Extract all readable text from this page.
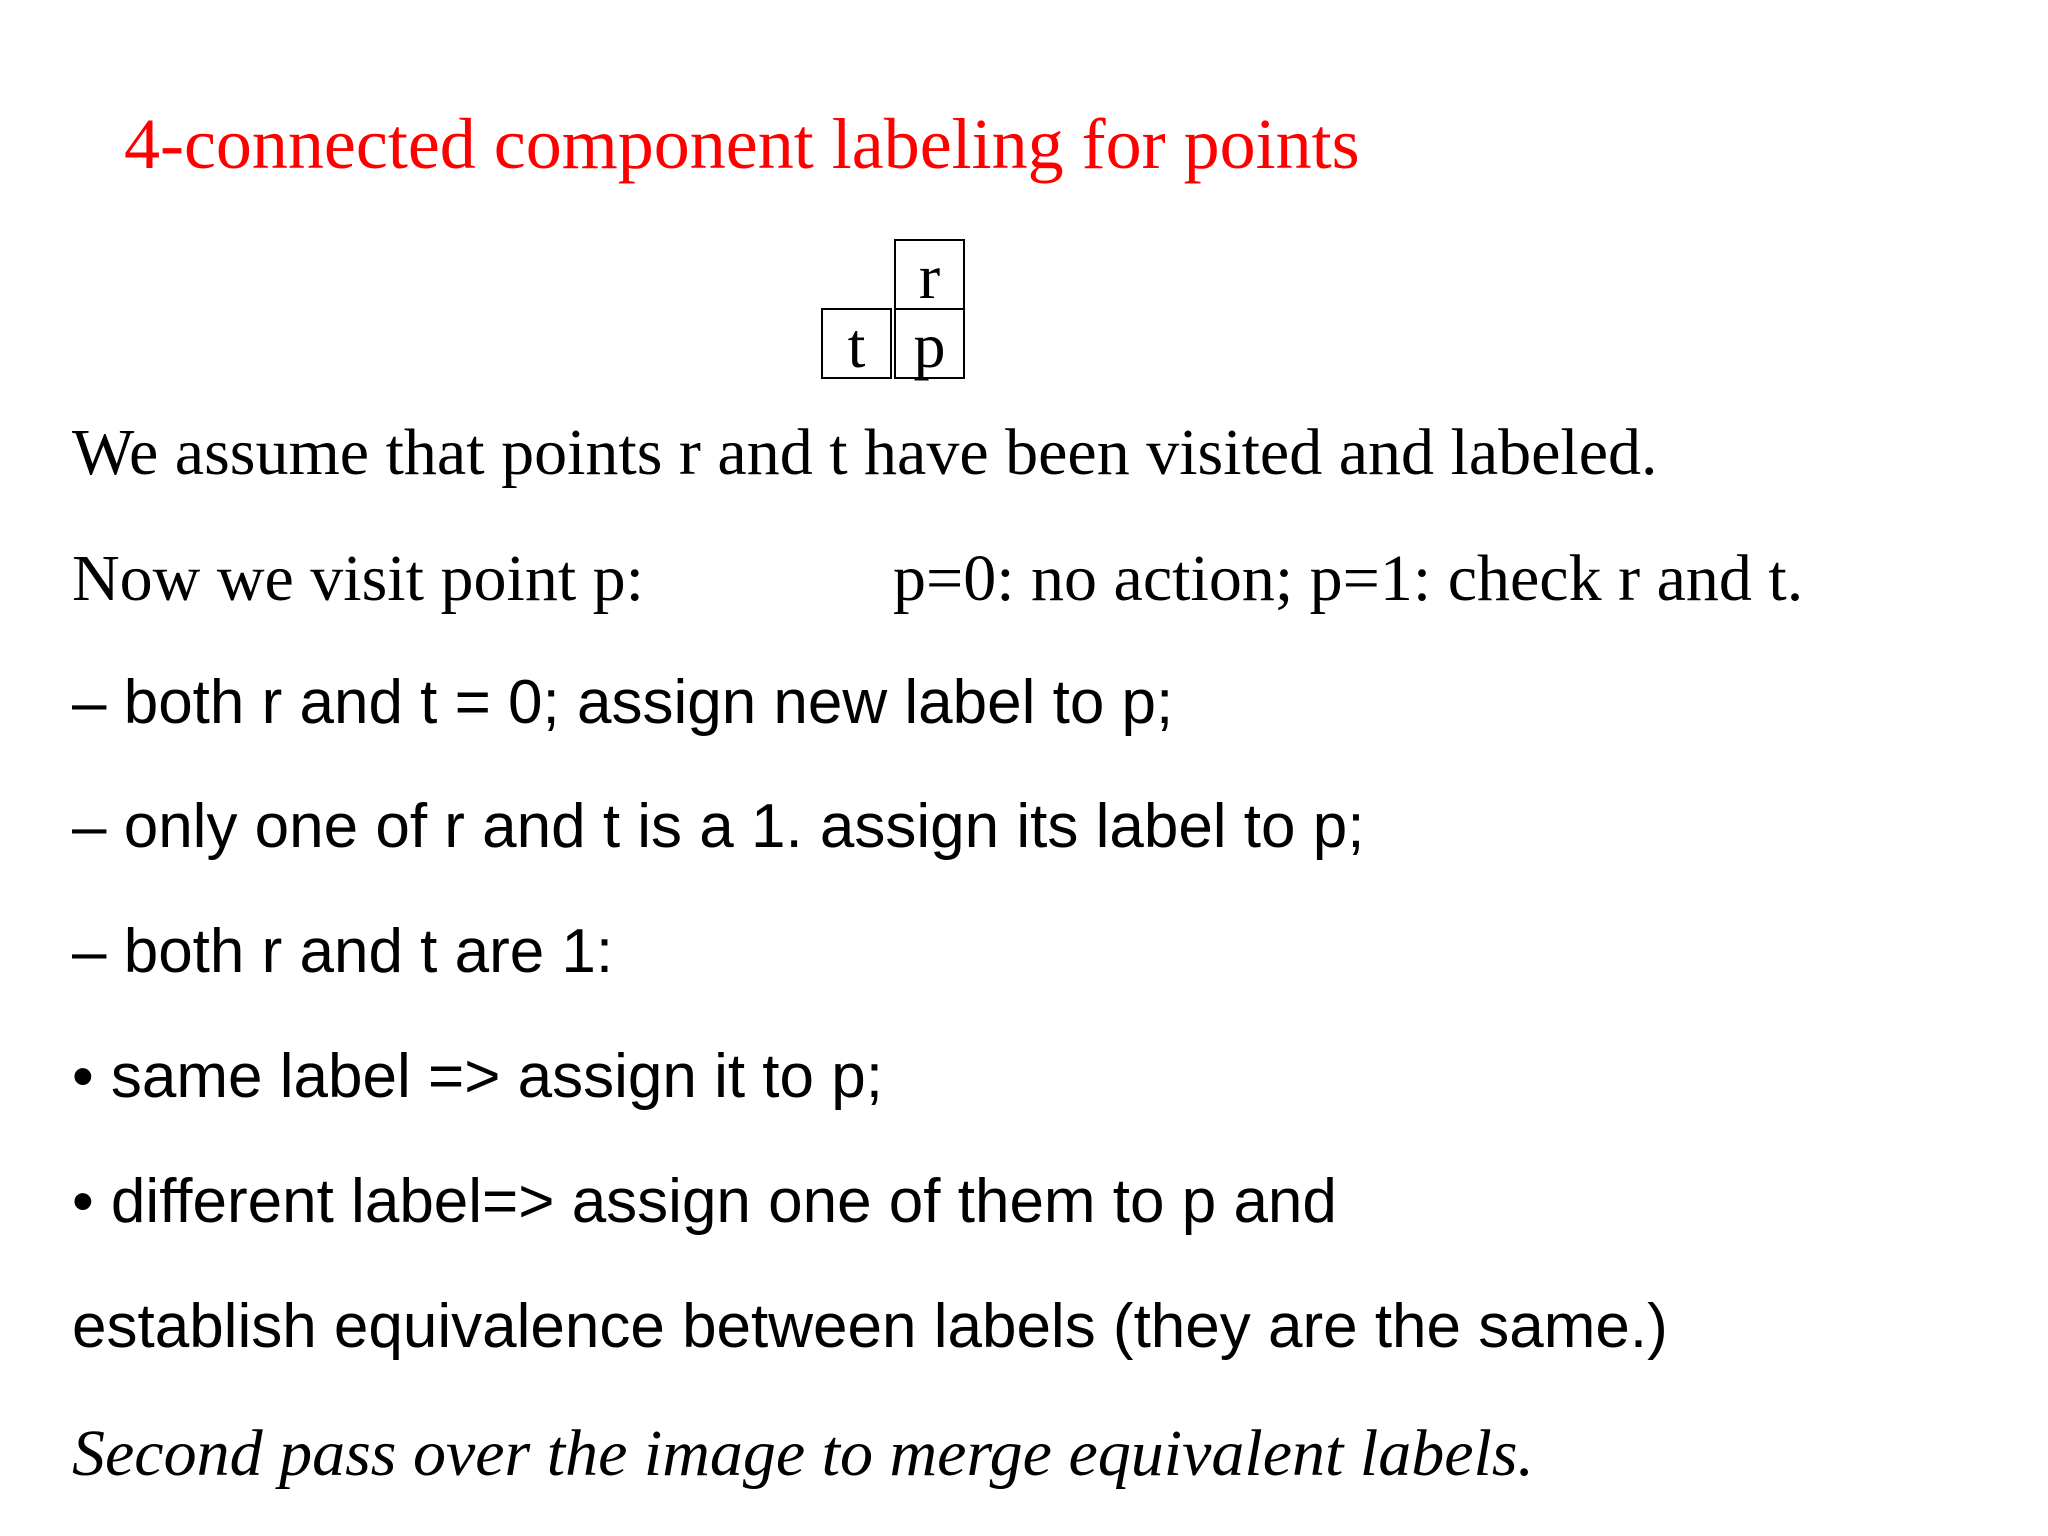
4-connected component labeling for points
r
t p
We assume that points r and t have been visited and labeled.
Now we visit point p:	p=0: no action; p=1: check r and t.
– both r and t = 0; assign new label to p;
– only one of r and t is a 1. assign its label to p;
– both r and t are 1:
• same label => assign it to p;
• different label=> assign one of them to p and
establish equivalence between labels (they are the same.)
Second pass over the image to merge equivalent labels.
